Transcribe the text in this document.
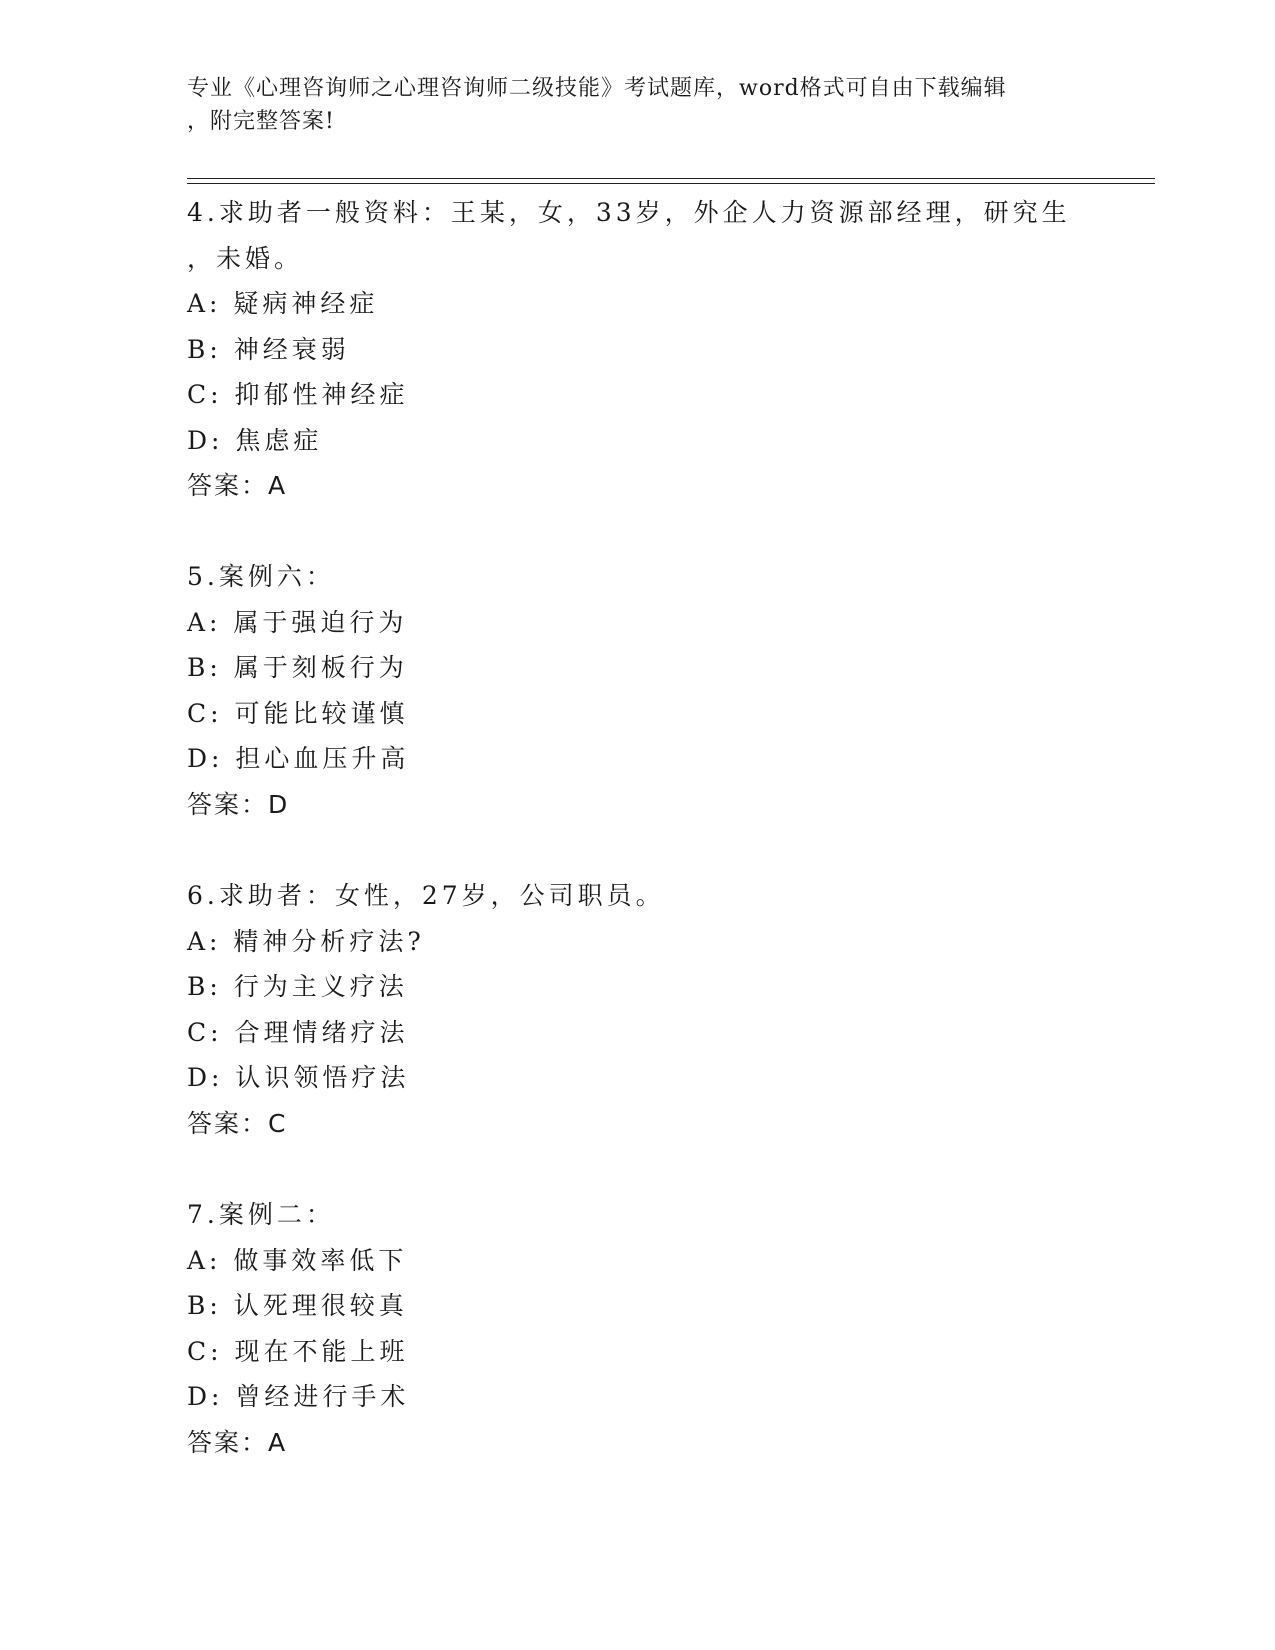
专业《心理咨询师之心理咨询师二级技能》考试题库，word格式可自由下载编辑
，附完整答案!
4.求助者一般资料：王某，女，33岁，外企人力资源部经理，研究生
，未婚。
A: 疑病神经症
B: 神经衰弱
C: 抑郁性神经症
D: 焦虑症
答案：A
5.案例六：
A: 属于强迫行为
B: 属于刻板行为
C: 可能比较谨慎
D: 担心血压升高
答案：D
6.求助者：女性，27岁，公司职员。
A: 精神分析疗法?
B: 行为主义疗法
C: 合理情绪疗法
D: 认识领悟疗法
答案：C
7.案例二：
A: 做事效率低下
B: 认死理很较真
C: 现在不能上班
D: 曾经进行手术
答案：A
